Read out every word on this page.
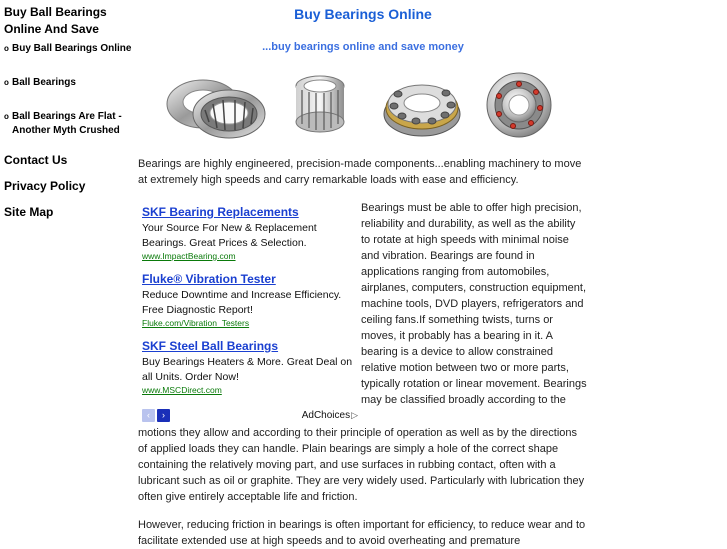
Buy Ball Bearings Online And Save
o Buy Ball Bearings Online
o Ball Bearings
o Ball Bearings Are Flat - Another Myth Crushed
Contact Us
Privacy Policy
Site Map
Buy Bearings Online

...buy bearings online and save money

Bearings are highly engineered, precision-made components...enabling machinery to move at extremely high speeds and carry remarkable loads with ease and efficiency.

SKF Bearing Replacements

Your Source For New & Replacement Bearings. Great Prices & Selection.

www.ImpactBearing.com
Fluke® Vibration Tester

Reduce Downtime and Increase Efficiency. Free Diagnostic Report!

Fluke.com/Vibration_Testers
SKF Steel Ball Bearings

Buy Bearings Heaters & More. Great Deal on all Units. Order Now!

www.MSCDirect.com
‹	›	AdChoices▷

Bearings must be able to offer high precision, reliability and durability, as well as the ability to rotate at high speeds with minimal noise and vibration. Bearings are found in applications ranging from automobiles, airplanes, computers, construction equipment, machine tools, DVD players, refrigerators and ceiling fans.If something twists, turns or moves, it probably has a bearing in it. A bearing is a device to allow constrained relative motion between two or more parts, typically rotation or linear movement. Bearings may be classified broadly according to the

motions they allow and according to their principle of operation as well as by the directions of applied loads they can handle. Plain bearings are simply a hole of the correct shape containing the relatively moving part, and use surfaces in rubbing contact, often with a lubricant such as oil or graphite. They are very widely used. Particularly with lubrication they often give entirely acceptable life and friction.

However, reducing friction in bearings is often important for efficiency, to reduce wear and to facilitate extended use at high speeds and to avoid overheating and premature
